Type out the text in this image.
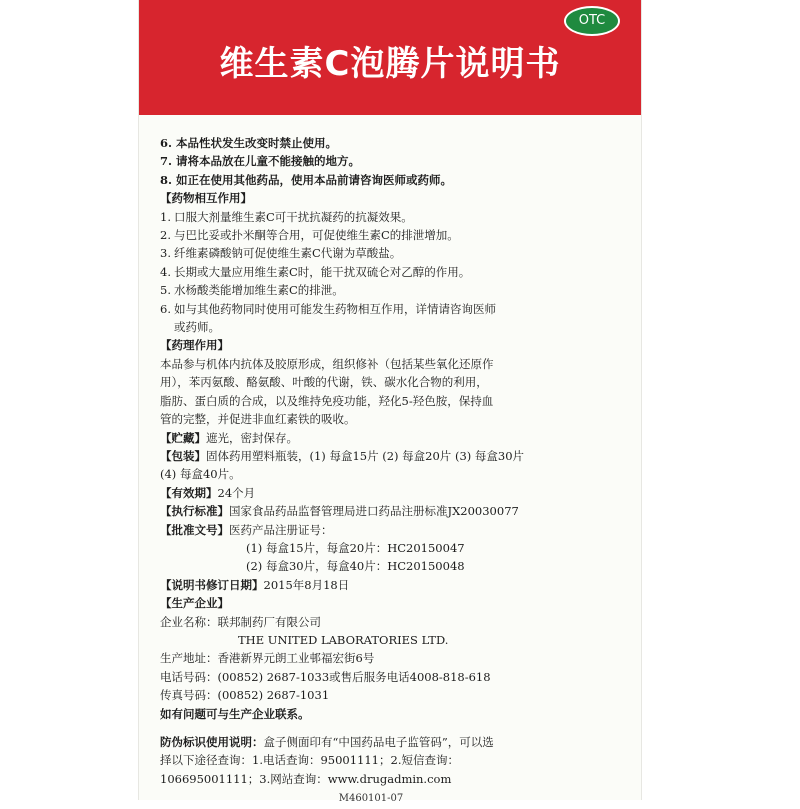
维生素C泡腾片说明书
OTC
6. 本品性状发生改变时禁止使用。
7. 请将本品放在儿童不能接触的地方。
8. 如正在使用其他药品，使用本品前请咨询医师或药师。
【药物相互作用】
1. 口服大剂量维生素C可干扰抗凝药的抗凝效果。
2. 与巴比妥或扑米酮等合用，可促使维生素C的排泄增加。
3. 纤维素磷酸钠可促使维生素C代谢为草酸盐。
4. 长期或大量应用维生素C时，能干扰双硫仑对乙醇的作用。
5. 水杨酸类能增加维生素C的排泄。
6. 如与其他药物同时使用可能发生药物相互作用，详情请咨询医师
或药师。
【药理作用】
本品参与机体内抗体及胶原形成，组织修补（包括某些氧化还原作
用），苯丙氨酸、酪氨酸、叶酸的代谢，铁、碳水化合物的利用，
脂肪、蛋白质的合成，以及维持免疫功能，羟化5-羟色胺，保持血
管的完整，并促进非血红素铁的吸收。
【贮藏】遮光，密封保存。
【包装】固体药用塑料瓶装，(1) 每盒15片 (2) 每盒20片 (3) 每盒30片
(4) 每盒40片。
【有效期】24个月
【执行标准】国家食品药品监督管理局进口药品注册标准JX20030077
【批准文号】医药产品注册证号：
(1) 每盒15片，每盒20片：HC20150047
(2) 每盒30片，每盒40片：HC20150048
【说明书修订日期】2015年8月18日
【生产企业】
企业名称：联邦制药厂有限公司
THE UNITED LABORATORIES LTD.
生产地址：香港新界元朗工业邨福宏街6号
电话号码：(00852) 2687-1033或售后服务电话4008-818-618
传真号码：(00852) 2687-1031
如有问题可与生产企业联系。
防伪标识使用说明：盒子侧面印有“中国药品电子监管码”，可以选
择以下途径查询：1.电话查询：95001111；2.短信查询：
106695001111；3.网站查询：www.drugadmin.com
M460101-07
